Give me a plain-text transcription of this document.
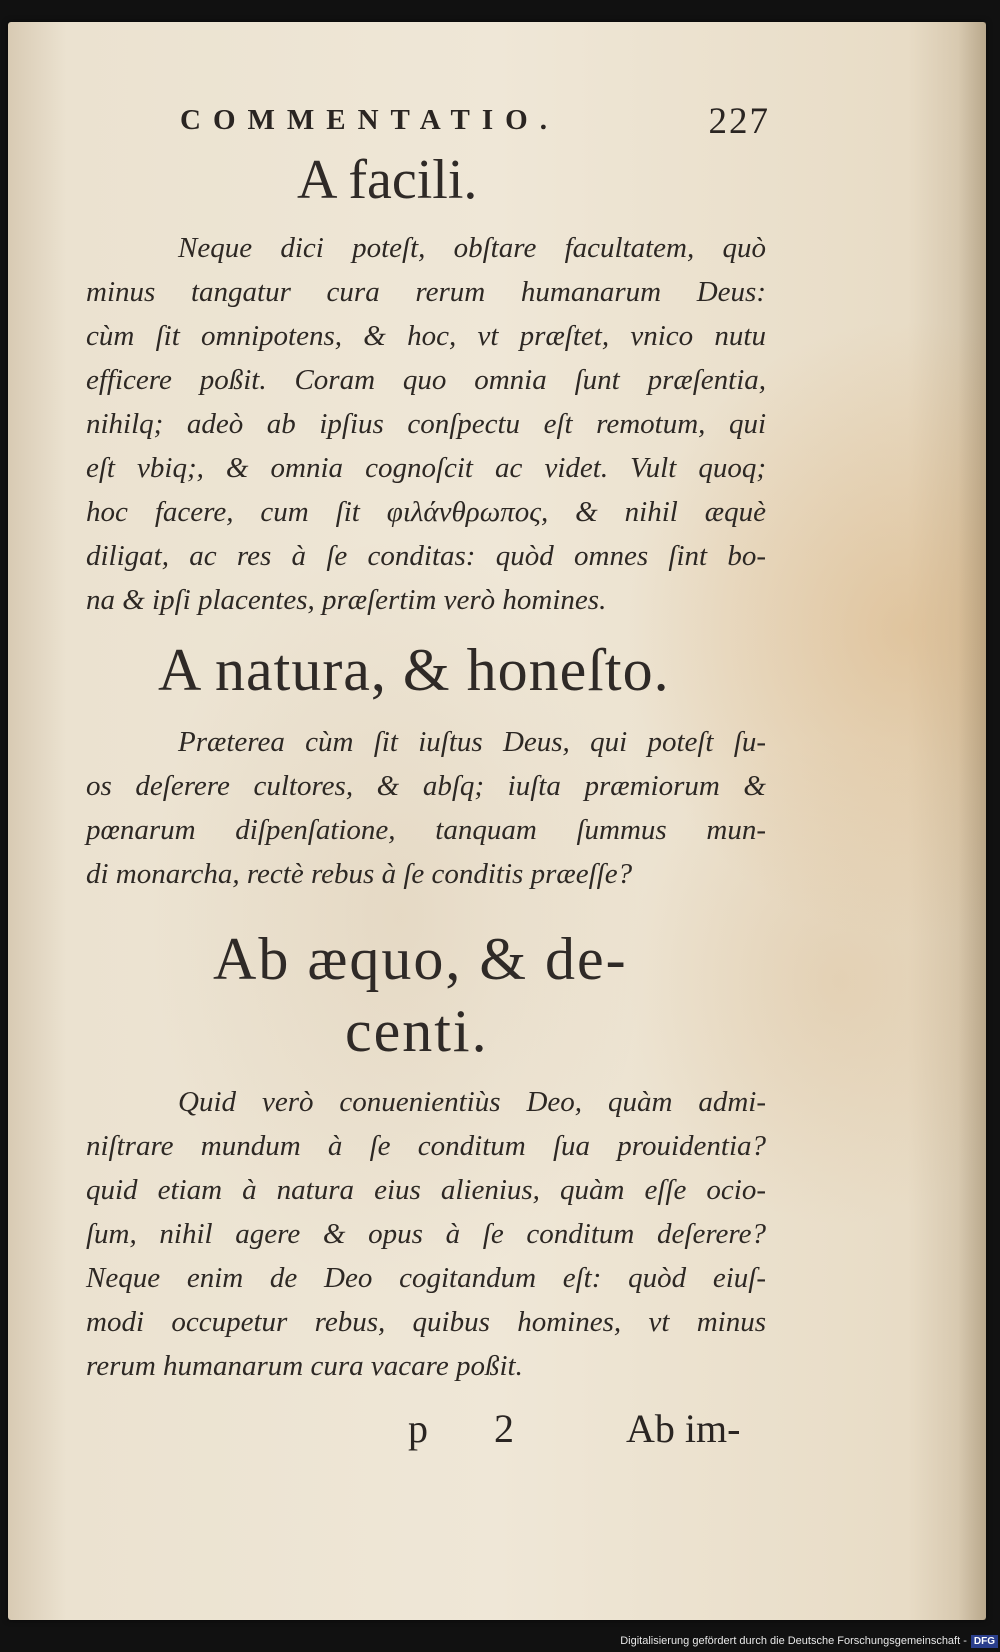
COMMENTATIO.	227
A facili.
Neque dici poteſt, obſtare facultatem, quò
minus tangatur cura rerum humanarum Deus:
cùm ſit omnipotens, & hoc, vt præſtet, vnico nutu
efficere poßit. Coram quo omnia ſunt præſentia,
nihilq; adeò ab ipſius conſpectu eſt remotum, qui
eſt vbiq;, & omnia cognoſcit ac videt. Vult quoq;
hoc facere, cum ſit φιλάνθρωπος, & nihil æquè
diligat, ac res à ſe conditas: quòd omnes ſint bo-
na & ipſi placentes, præſertim verò homines.
A natura, & honeſto.
Præterea cùm ſit iuſtus Deus, qui poteſt ſu-
os deſerere cultores, & abſq; iuſta præmiorum &
pœnarum diſpenſatione, tanquam ſummus mun-
di monarcha, rectè rebus à ſe conditis præeſſe?
Ab æquo, & de-
centi.
Quid verò conuenientiùs Deo, quàm admi-
niſtrare mundum à ſe conditum ſua prouidentia?
quid etiam à natura eius alienius, quàm eſſe ocio-
ſum, nihil agere & opus à ſe conditum deſerere?
Neque enim de Deo cogitandum eſt: quòd eiuſ-
modi occupetur rebus, quibus homines, vt minus
rerum humanarum cura vacare poßit.
p 2 Ab im-
Digitalisierung gefördert durch die Deutsche Forschungsgemeinschaft - DFG
